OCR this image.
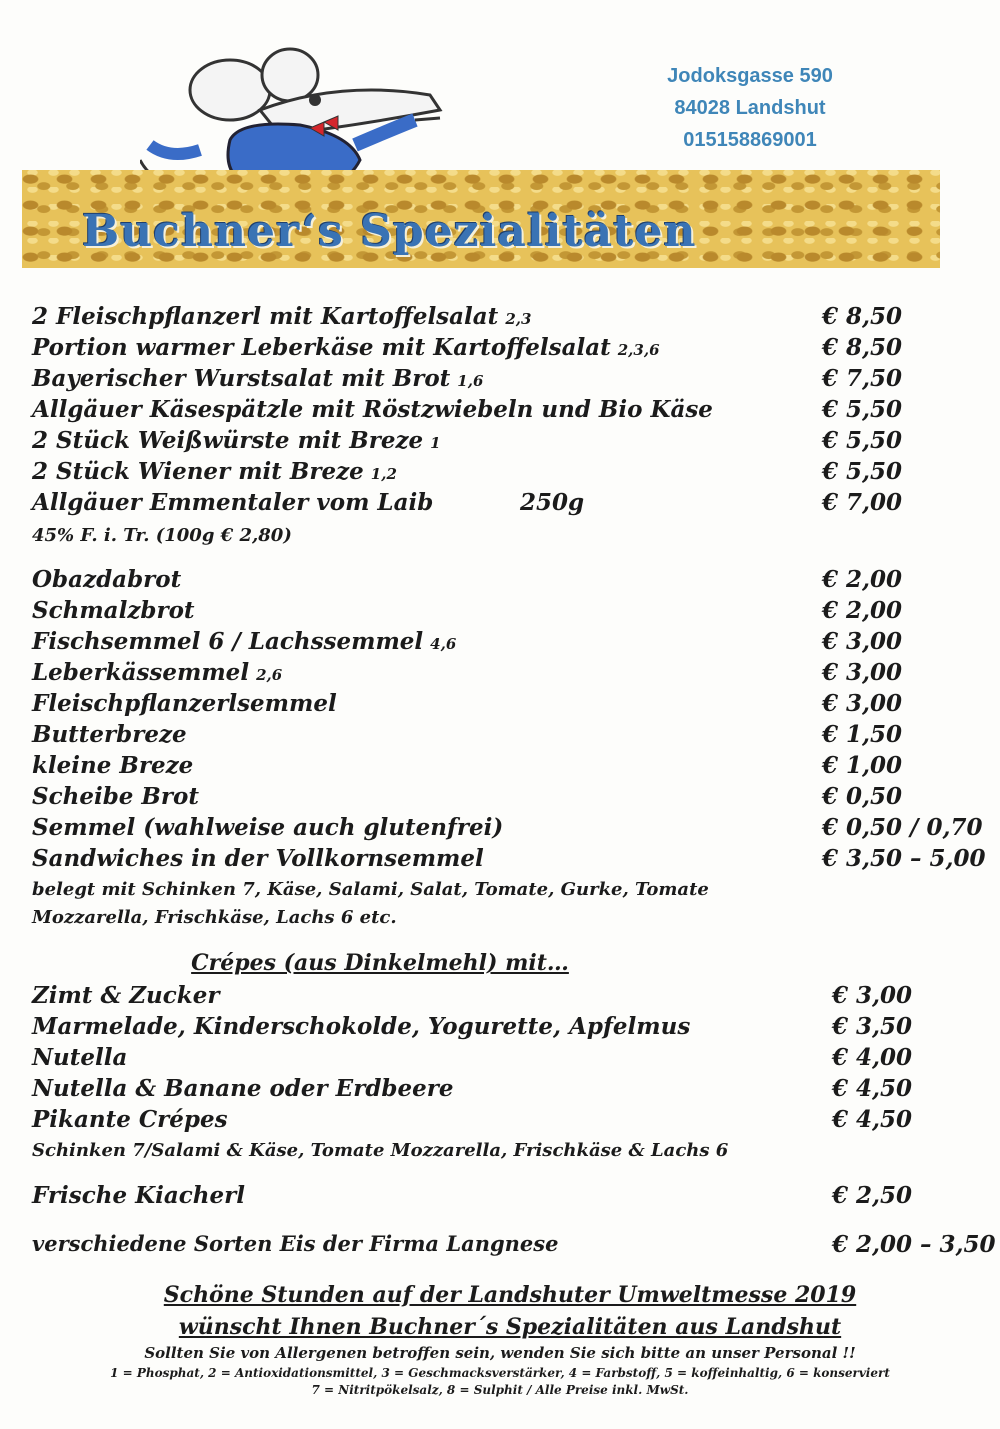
Jodoksgasse 590
84028 Landshut
015158869001
Buchner‘s Spezialitäten
2 Fleischpflanzerl mit Kartoffelsalat 2,3	€ 8,50
Portion warmer Leberkäse mit Kartoffelsalat 2,3,6	€ 8,50
Bayerischer Wurstsalat mit Brot 1,6	€ 7,50
Allgäuer Käsespätzle mit Röstzwiebeln und Bio Käse	€ 5,50
2 Stück Weißwürste mit Breze 1	€ 5,50
2 Stück Wiener mit Breze 1,2	€ 5,50
Allgäuer Emmentaler vom Laib	250g	€ 7,00
45% F. i. Tr. (100g € 2,80)
Obazdabrot	€ 2,00
Schmalzbrot	€ 2,00
Fischsemmel 6 / Lachssemmel 4,6	€ 3,00
Leberkässemmel 2,6	€ 3,00
Fleischpflanzerlsemmel	€ 3,00
Butterbreze	€ 1,50
kleine Breze	€ 1,00
Scheibe Brot	€ 0,50
Semmel (wahlweise auch glutenfrei)	€ 0,50 / 0,70
Sandwiches in der Vollkornsemmel	€ 3,50 – 5,00
belegt mit Schinken 7, Käse, Salami, Salat, Tomate, Gurke, Tomate
Mozzarella, Frischkäse, Lachs 6 etc.
Crépes (aus Dinkelmehl) mit…
Zimt & Zucker	€ 3,00
Marmelade, Kinderschokolde, Yogurette, Apfelmus	€ 3,50
Nutella	€ 4,00
Nutella & Banane oder Erdbeere	€ 4,50
Pikante Crépes	€ 4,50
Schinken 7/Salami & Käse, Tomate Mozzarella, Frischkäse & Lachs 6
Frische Kiacherl	€ 2,50
verschiedene Sorten Eis der Firma Langnese	€ 2,00 – 3,50
Schöne Stunden auf der Landshuter Umweltmesse 2019
wünscht Ihnen Buchner´s Spezialitäten aus Landshut
Sollten Sie von Allergenen betroffen sein, wenden Sie sich bitte an unser Personal !!
1 = Phosphat, 2 = Antioxidationsmittel, 3 = Geschmacksverstärker, 4 = Farbstoff, 5 = koffeinhaltig, 6 = konserviert
7 = Nitritpökelsalz, 8 = Sulphit / Alle Preise inkl. MwSt.
